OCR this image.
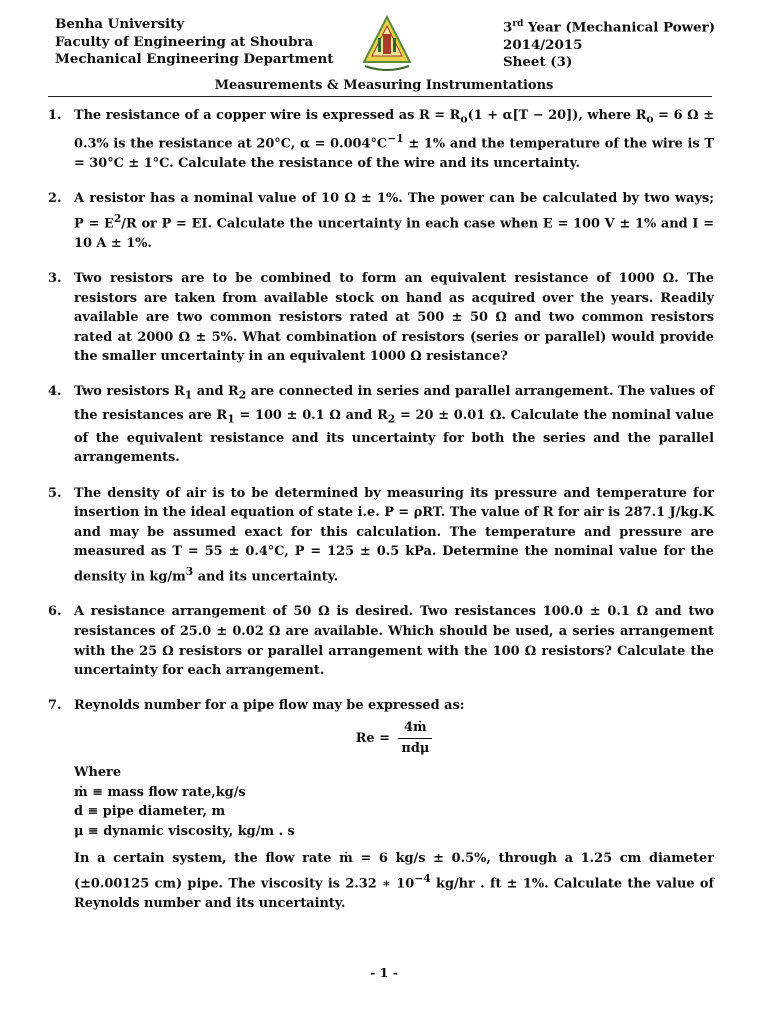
Benha University
Faculty of Engineering at Shoubra
Mechanical Engineering Department
3rd Year (Mechanical Power)
2014/2015
Sheet (3)
Measurements & Measuring Instrumentations
1. The resistance of a copper wire is expressed as $R = R_o(1 + \alpha[T - 20])$, where $R_o = 6$ Ω ± 0.3% is the resistance at 20°C, $\alpha = 0.004^\circ C^{-1} \pm 1\%$ and the temperature of the wire is T = 30°C ± 1°C. Calculate the resistance of the wire and its uncertainty.
2. A resistor has a nominal value of 10 Ω ± 1%. The power can be calculated by two ways; $P = E^2/R$ or P = EI. Calculate the uncertainty in each case when E = 100 V ± 1% and I = 10 A ± 1%.
3. Two resistors are to be combined to form an equivalent resistance of 1000 Ω. The resistors are taken from available stock on hand as acquired over the years. Readily available are two common resistors rated at 500 ± 50 Ω and two common resistors rated at 2000 Ω ± 5%. What combination of resistors (series or parallel) would provide the smaller uncertainty in an equivalent 1000 Ω resistance?
4. Two resistors $R_1$ and $R_2$ are connected in series and parallel arrangement. The values of the resistances are $R_1 = 100 \pm 0.1$ Ω and $R_2 = 20 \pm 0.01$ Ω. Calculate the nominal value of the equivalent resistance and its uncertainty for both the series and the parallel arrangements.
5. The density of air is to be determined by measuring its pressure and temperature for insertion in the ideal equation of state i.e. P = ρRT. The value of R for air is 287.1 J/kg.K and may be assumed exact for this calculation. The temperature and pressure are measured as T = 55 ± 0.4°C, P = 125 ± 0.5 kPa. Determine the nominal value for the density in $kg/m^3$ and its uncertainty.
6. A resistance arrangement of 50 Ω is desired. Two resistances 100.0 ± 0.1 Ω and two resistances of 25.0 ± 0.02 Ω are available. Which should be used, a series arrangement with the 25 Ω resistors or parallel arrangement with the 100 Ω resistors? Calculate the uncertainty for each arrangement.
7. Reynolds number for a pipe flow may be expressed as:
$Re = \frac{\text{4ṁ}}{\text{πdμ}}$
Where
ṁ ≡ mass flow rate,kg/s
d ≡ pipe diameter, m
μ ≡ dynamic viscosity, kg/m . s
In a certain system, the flow rate ṁ = 6 kg/s ± 0.5%, through a 1.25 cm diameter (±0.00125 cm) pipe. The viscosity is 2.32 ∗ $10^{-4}$ kg/hr . ft ± 1%. Calculate the value of Reynolds number and its uncertainty.
- 1 -
